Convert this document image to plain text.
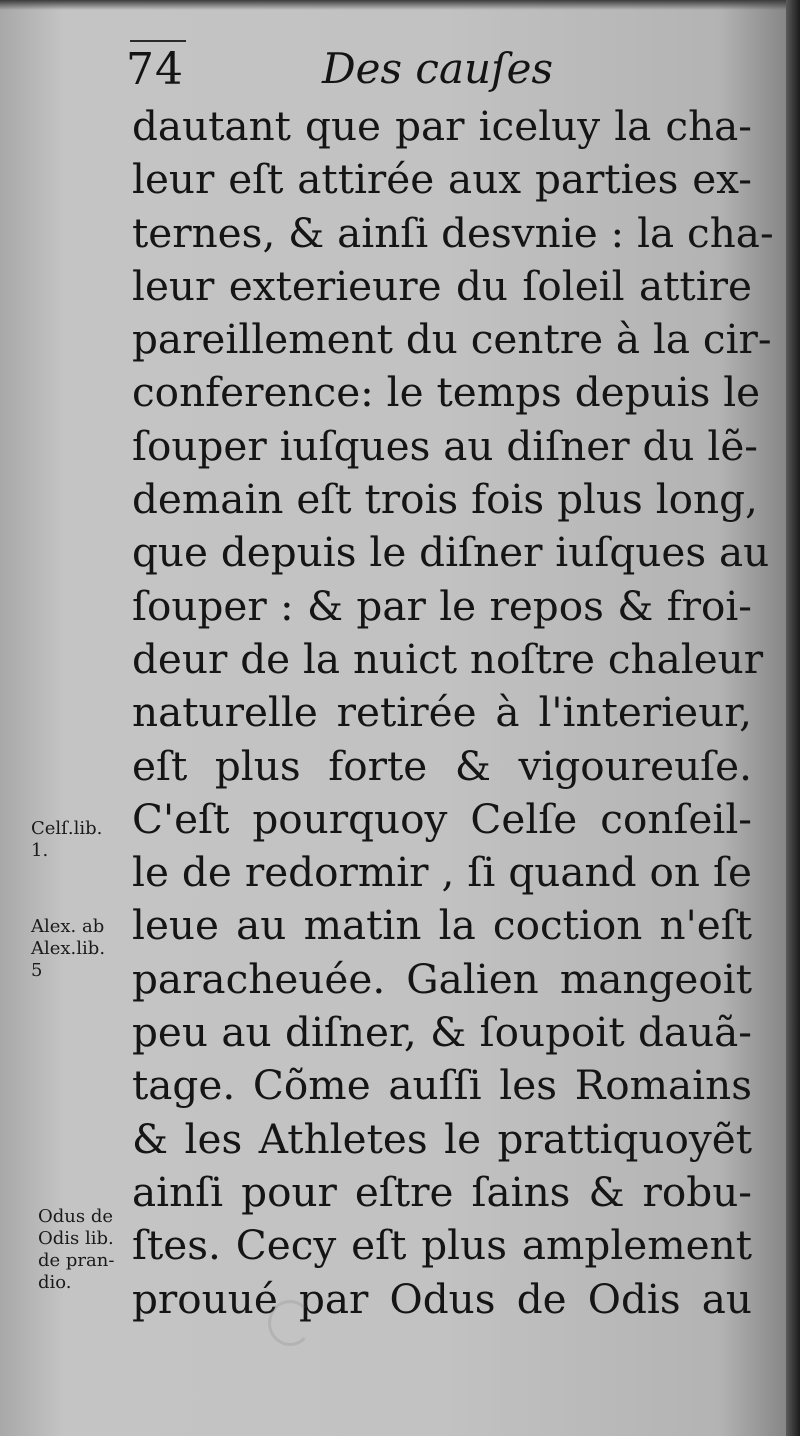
74	Des cauſes
dautant que par iceluy la cha-
leur eſt attirée aux parties ex-
ternes, & ainſi desvnie : la cha-
leur exterieure du ſoleil attire
pareillement du centre à la cir-
conference: le temps depuis le
ſouper iuſques au diſner du lẽ-
demain eſt trois fois plus long,
que depuis le diſner iuſques au
ſouper : & par le repos & froi-
deur de la nuict noſtre chaleur
naturelle retirée à l'interieur,
eſt plus forte & vigoureuſe.
C'eſt pourquoy Celſe conſeil-
le de redormir , ſi quand on ſe
leue au matin la coction n'eſt
paracheuée. Galien mangeoit
peu au diſner, & ſoupoit dauã-
tage. Cõme auſſi les Romains
& les Athletes le prattiquoyẽt
ainſi pour eſtre ſains & robu-
ſtes. Cecy eſt plus amplement
prouué par Odus de Odis au
Celſ.lib.
1.
Alex. ab
Alex.lib.
5
Odus de
Odis lib.
de pran-
dio.
